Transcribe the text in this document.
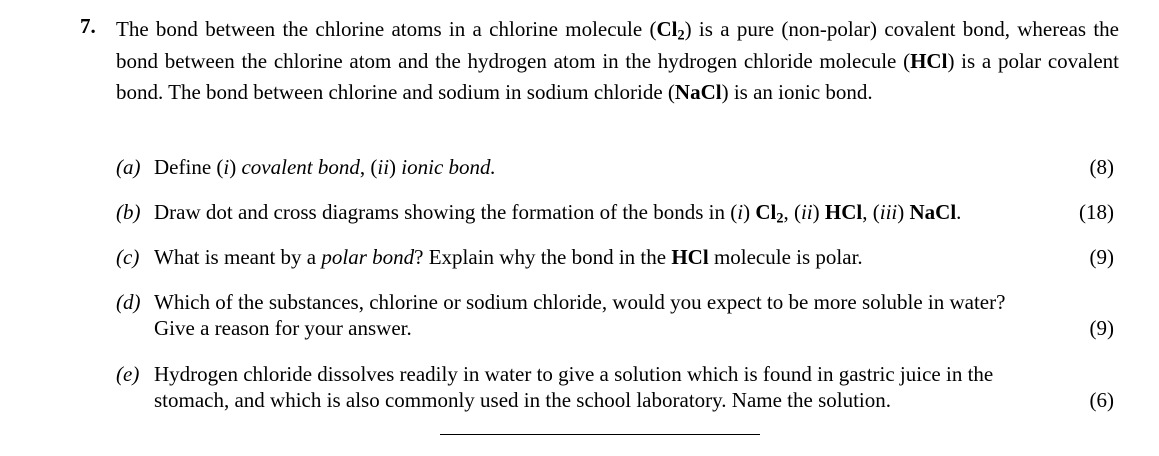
7. The bond between the chlorine atoms in a chlorine molecule $(Cl_2)$ is a pure (non-polar) covalent bond, whereas the bond between the chlorine atom and the hydrogen atom in the hydrogen chloride molecule (HCl) is a polar covalent bond. The bond between chlorine and sodium in sodium chloride (NaCl) is an ionic bond.
(a) Define (i) covalent bond, (ii) ionic bond.	(8)
(b) Draw dot and cross diagrams showing the formation of the bonds in (i) $Cl_2$, (ii) HCl, (iii) NaCl.	(18)
(c) What is meant by a polar bond? Explain why the bond in the HCl molecule is polar.	(9)
(d) Which of the substances, chlorine or sodium chloride, would you expect to be more soluble in water?
Give a reason for your answer.	(9)
(e) Hydrogen chloride dissolves readily in water to give a solution which is found in gastric juice in the
stomach, and which is also commonly used in the school laboratory. Name the solution.	(6)
